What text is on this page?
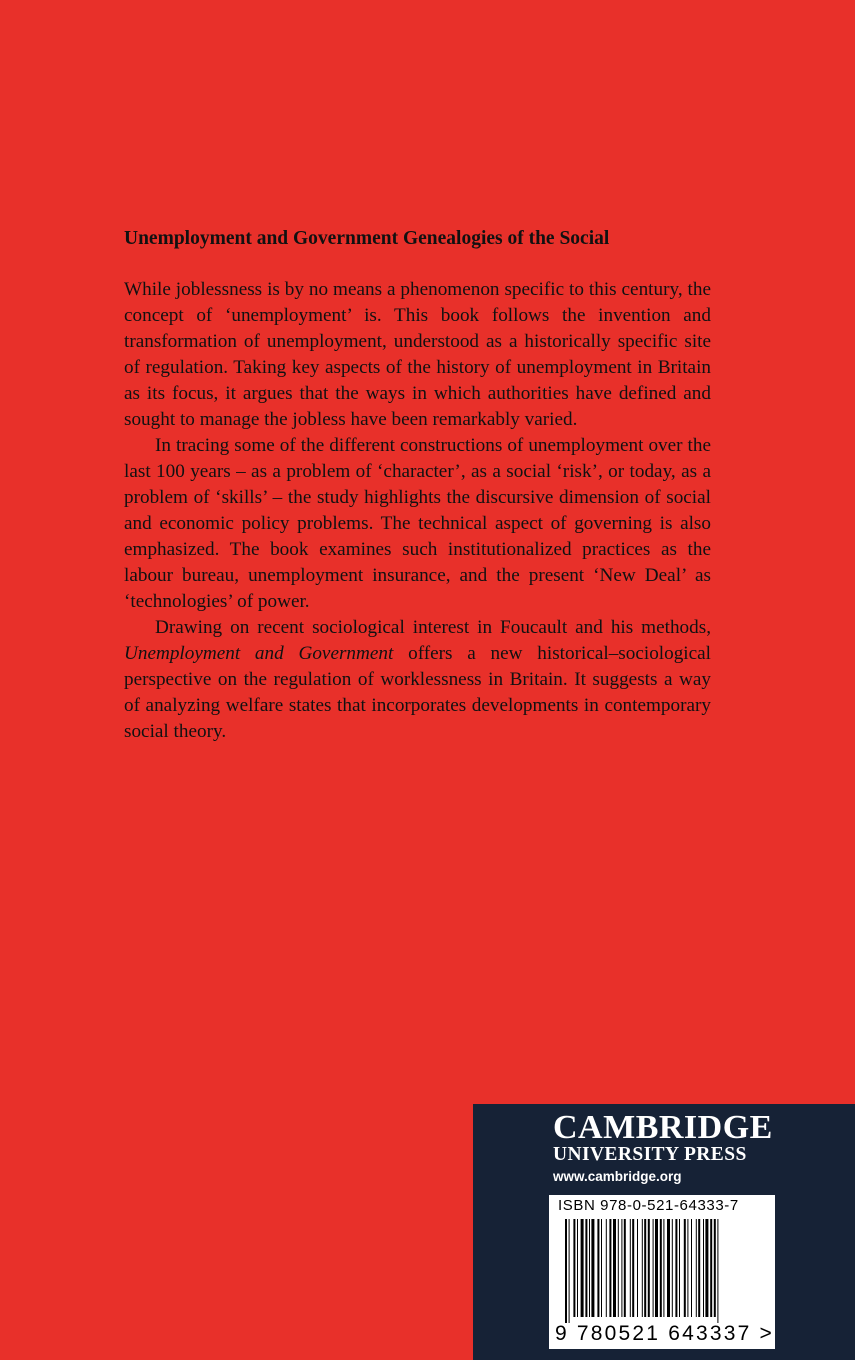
Unemployment and Government Genealogies of the Social

While joblessness is by no means a phenomenon specific to this century, the concept of ‘unemployment’ is. This book follows the invention and transformation of unemployment, understood as a historically specific site of regulation. Taking key aspects of the history of unemployment in Britain as its focus, it argues that the ways in which authorities have defined and sought to manage the jobless have been remarkably varied.

In tracing some of the different constructions of unemployment over the last 100 years – as a problem of ‘character’, as a social ‘risk’, or today, as a problem of ‘skills’ – the study highlights the discursive dimension of social and economic policy problems. The technical aspect of governing is also emphasized. The book examines such institutionalized practices as the labour bureau, unemployment insurance, and the present ‘New Deal’ as ‘technologies’ of power.

Drawing on recent sociological interest in Foucault and his methods, Unemployment and Government offers a new historical–sociological perspective on the regulation of worklessness in Britain. It suggests a way of analyzing welfare states that incorporates developments in contemporary social theory.

CAMBRIDGE
UNIVERSITY PRESS
www.cambridge.org
ISBN 978-0-521-64333-7
9 780521 643337 >
